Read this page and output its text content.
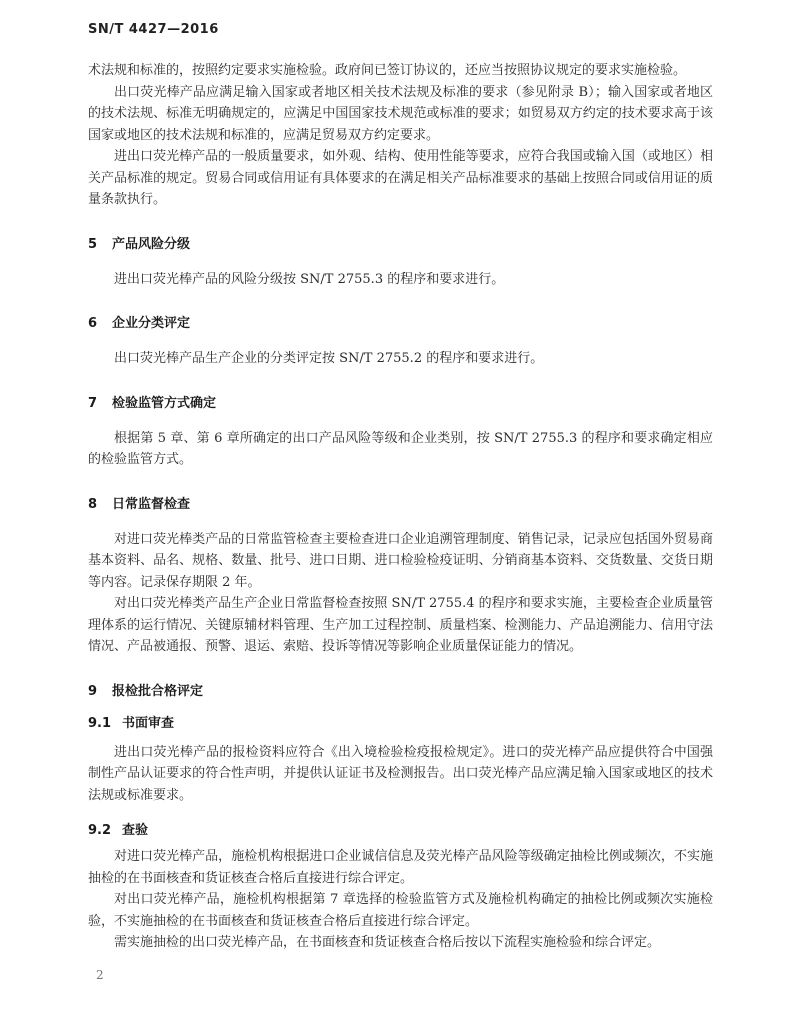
SN/T 4427—2016

术法规和标准的，按照约定要求实施检验。政府间已签订协议的，还应当按照协议规定的要求实施检验。

出口荧光棒产品应满足输入国家或者地区相关技术法规及标准的要求（参见附录 B）；输入国家或者地区的技术法规、标准无明确规定的，应满足中国国家技术规范或标准的要求；如贸易双方约定的技术要求高于该国家或地区的技术法规和标准的，应满足贸易双方约定要求。

进出口荧光棒产品的一般质量要求，如外观、结构、使用性能等要求，应符合我国或输入国（或地区）相关产品标准的规定。贸易合同或信用证有具体要求的在满足相关产品标准要求的基础上按照合同或信用证的质量条款执行。

5 产品风险分级

进出口荧光棒产品的风险分级按 SN/T 2755.3 的程序和要求进行。

6 企业分类评定

出口荧光棒产品生产企业的分类评定按 SN/T 2755.2 的程序和要求进行。

7 检验监管方式确定

根据第 5 章、第 6 章所确定的出口产品风险等级和企业类别，按 SN/T 2755.3 的程序和要求确定相应的检验监管方式。

8 日常监督检查

对进口荧光棒类产品的日常监管检查主要检查进口企业追溯管理制度、销售记录，记录应包括国外贸易商基本资料、品名、规格、数量、批号、进口日期、进口检验检疫证明、分销商基本资料、交货数量、交货日期等内容。记录保存期限 2 年。

对出口荧光棒类产品生产企业日常监督检查按照 SN/T 2755.4 的程序和要求实施，主要检查企业质量管理体系的运行情况、关键原辅材料管理、生产加工过程控制、质量档案、检测能力、产品追溯能力、信用守法情况、产品被通报、预警、退运、索赔、投诉等情况等影响企业质量保证能力的情况。

9 报检批合格评定
9.1 书面审查

进出口荧光棒产品的报检资料应符合《出入境检验检疫报检规定》。进口的荧光棒产品应提供符合中国强制性产品认证要求的符合性声明，并提供认证证书及检测报告。出口荧光棒产品应满足输入国家或地区的技术法规或标准要求。

9.2 查验

对进口荧光棒产品，施检机构根据进口企业诚信信息及荧光棒产品风险等级确定抽检比例或频次，不实施抽检的在书面核查和货证核查合格后直接进行综合评定。

对出口荧光棒产品，施检机构根据第 7 章选择的检验监管方式及施检机构确定的抽检比例或频次实施检验，不实施抽检的在书面核查和货证核查合格后直接进行综合评定。

需实施抽检的出口荧光棒产品，在书面核查和货证核查合格后按以下流程实施检验和综合评定。

2
